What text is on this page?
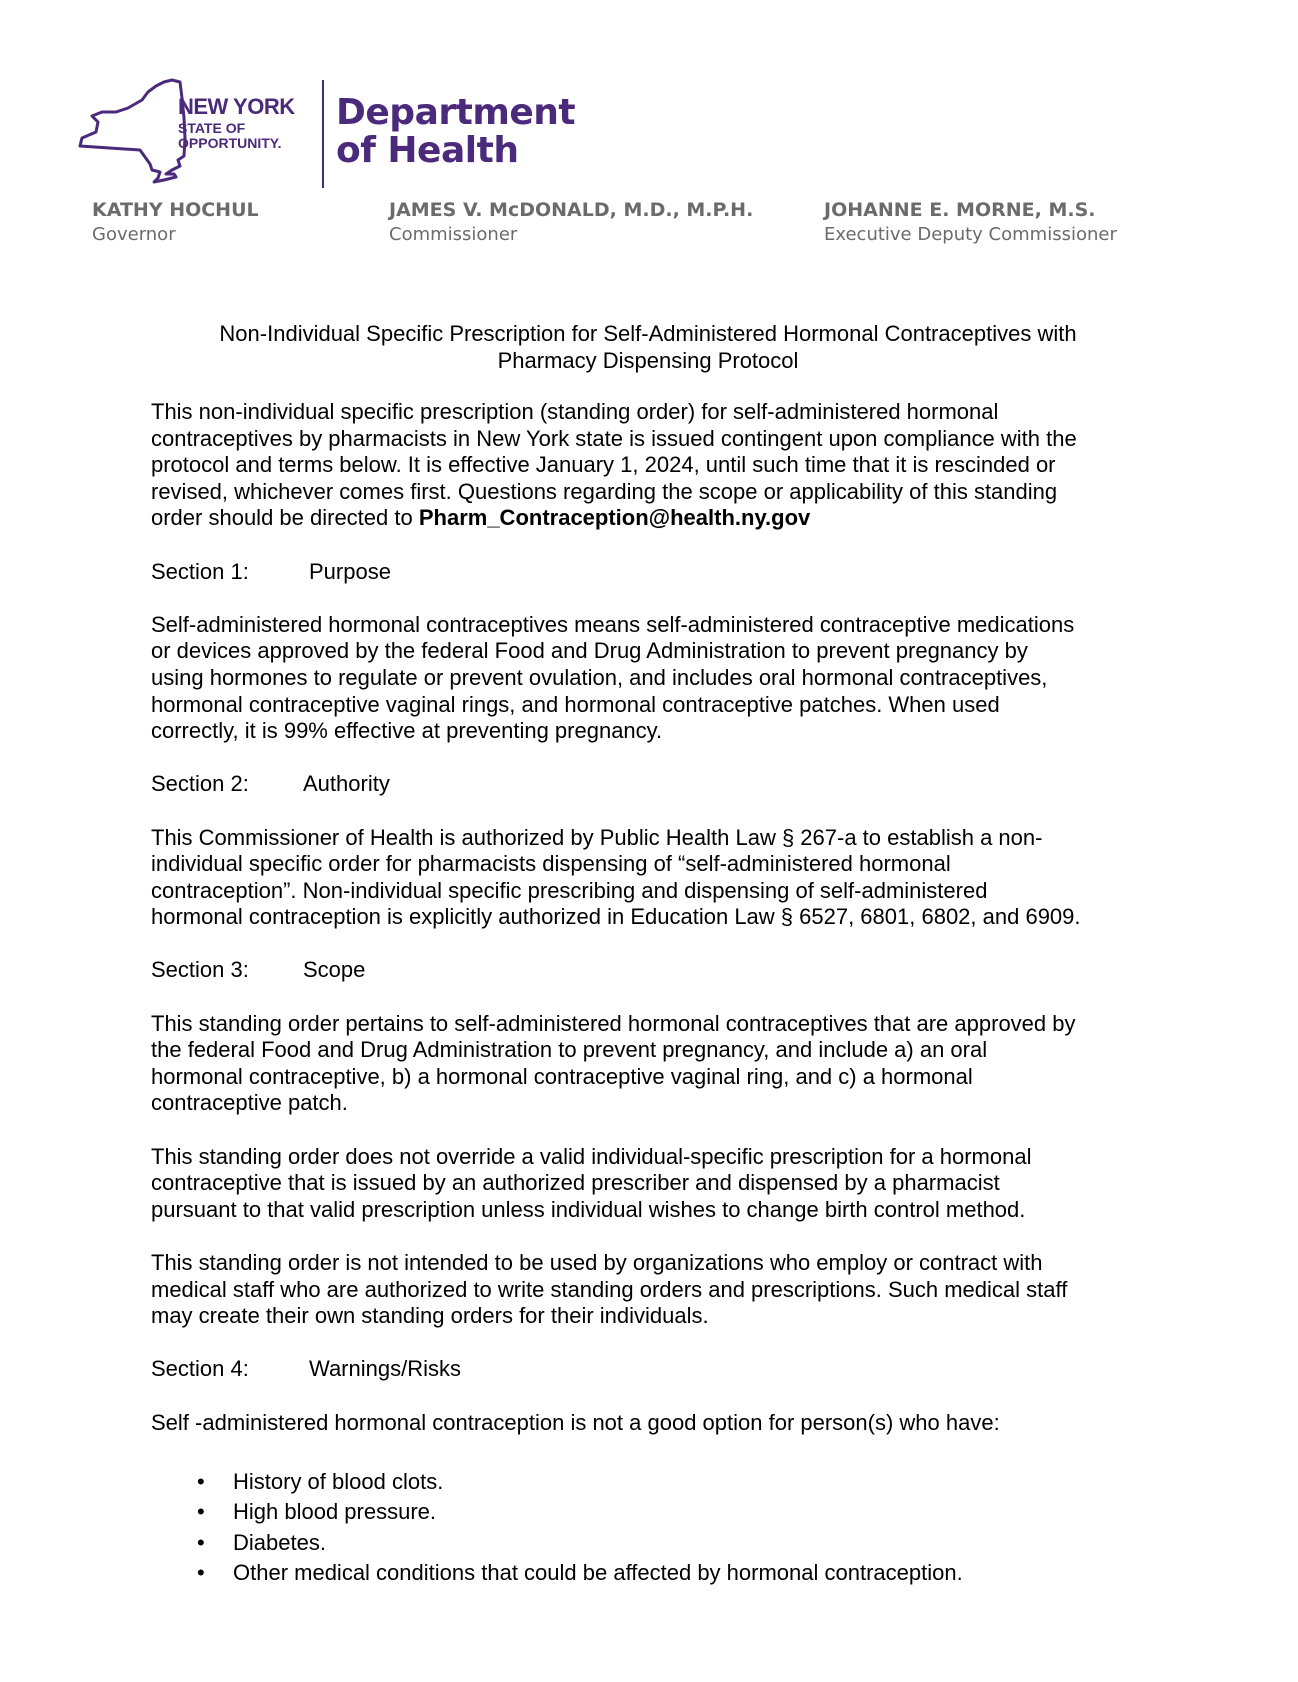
NEW YORK
STATE OF
OPPORTUNITY.
Department
of Health
KATHY HOCHUL
Governor
JAMES V. McDONALD, M.D., M.P.H.
Commissioner
JOHANNE E. MORNE, M.S.
Executive Deputy Commissioner
Non-Individual Specific Prescription for Self-Administered Hormonal Contraceptives with
Pharmacy Dispensing Protocol
This non-individual specific prescription (standing order) for self-administered hormonal
contraceptives by pharmacists in New York state is issued contingent upon compliance with the
protocol and terms below. It is effective January 1, 2024, until such time that it is rescinded or
revised, whichever comes first. Questions regarding the scope or applicability of this standing
order should be directed to Pharm_Contraception@health.ny.gov
Section 1:	Purpose
Self-administered hormonal contraceptives means self-administered contraceptive medications
or devices approved by the federal Food and Drug Administration to prevent pregnancy by
using hormones to regulate or prevent ovulation, and includes oral hormonal contraceptives,
hormonal contraceptive vaginal rings, and hormonal contraceptive patches. When used
correctly, it is 99% effective at preventing pregnancy.
Section 2: Authority
This Commissioner of Health is authorized by Public Health Law § 267-a to establish a non-
individual specific order for pharmacists dispensing of “self-administered hormonal
contraception”. Non-individual specific prescribing and dispensing of self-administered
hormonal contraception is explicitly authorized in Education Law § 6527, 6801, 6802, and 6909.
Section 3: Scope
This standing order pertains to self-administered hormonal contraceptives that are approved by
the federal Food and Drug Administration to prevent pregnancy, and include a) an oral
hormonal contraceptive, b) a hormonal contraceptive vaginal ring, and c) a hormonal
contraceptive patch.
This standing order does not override a valid individual-specific prescription for a hormonal
contraceptive that is issued by an authorized prescriber and dispensed by a pharmacist
pursuant to that valid prescription unless individual wishes to change birth control method.
This standing order is not intended to be used by organizations who employ or contract with
medical staff who are authorized to write standing orders and prescriptions. Such medical staff
may create their own standing orders for their individuals.
Section 4:	Warnings/Risks
Self -administered hormonal contraception is not a good option for person(s) who have:
• History of blood clots.
• High blood pressure.
• Diabetes.
• Other medical conditions that could be affected by hormonal contraception.
